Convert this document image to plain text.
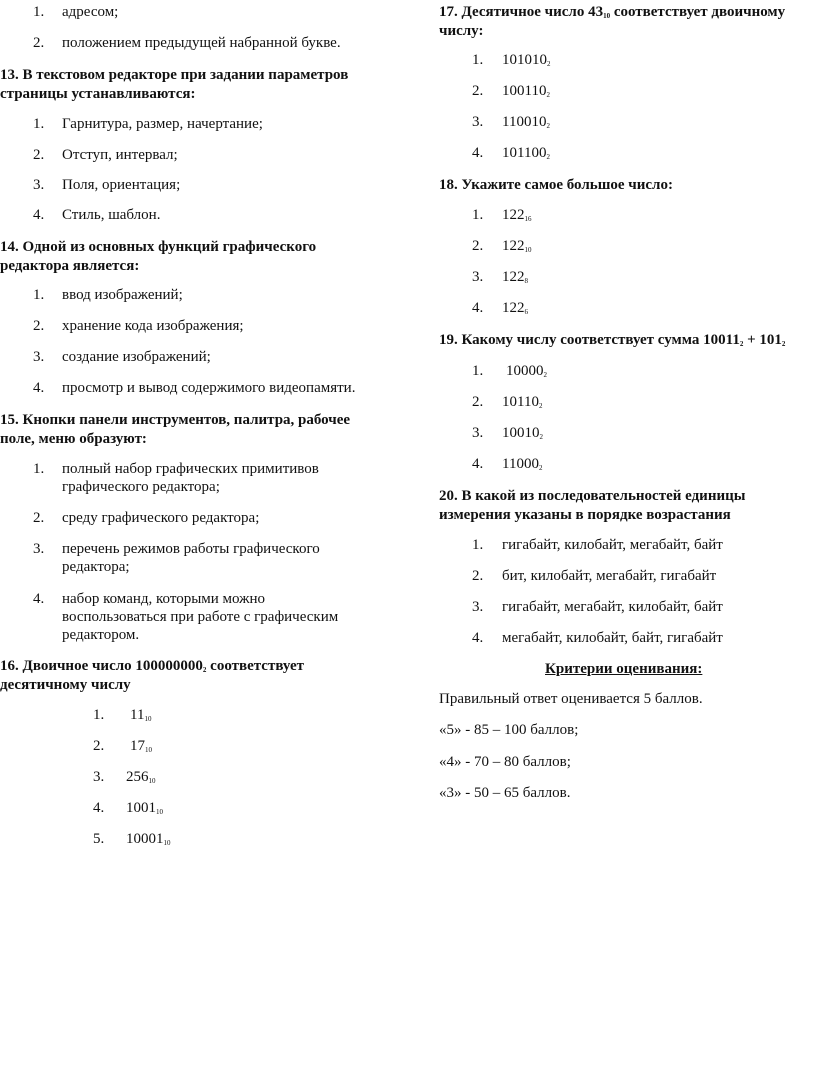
1. адресом;
2. положением предыдущей набранной букве.

13. В текстовом редакторе при задании параметров

страницы устанавливаются:

1. Гарнитура, размер, начертание;
2. Отступ, интервал;
3. Поля, ориентация;
4. Стиль, шаблон.

14. Одной из основных функций графического

редактора является:

1. ввод изображений;
2. хранение кода изображения;
3. создание изображений;
4. просмотр и вывод содержимого видеопамяти.

15. Кнопки панели инструментов, палитра, рабочее

поле, меню образуют:

1. полный набор графических примитивов
графического редактора;
2. среду графического редактора;
3. перечень режимов работы графического
редактора;
4. набор команд, которыми можно
воспользоваться при работе с графическим
редактором.

16. Двоичное число $100000000_2$ соответствует

десятичному числу

1. $11_{10}$
2. $17_{10}$
3. $256_{10}$
4. $1001_{10}$
5. $10001_{10}$

17. Десятичное число $43_{10}$ соответствует двоичному

числу:

1. $101010_2$
2. $100110_2$
3. $110010_2$
4. $101100_2$

18. Укажите самое большое число:

1. $122_{16}$
2. $122_{10}$
3. $122_8$
4. $122_6$

19. Какому числу соответствует сумма $10011_2 + 101_2$

1. $10000_2$
2. $10110_2$
3. $10010_2$
4. $11000_2$

20. В какой из последовательностей единицы

измерения указаны в порядке возрастания

1. гигабайт, килобайт, мегабайт, байт
2. бит, килобайт, мегабайт, гигабайт
3. гигабайт, мегабайт, килобайт, байт
4. мегабайт, килобайт, байт, гигабайт
Критерии оценивания:
Правильный ответ оценивается 5 баллов.
«5» - 85 – 100 баллов;
«4» - 70 – 80 баллов;
«3» - 50 – 65 баллов.
